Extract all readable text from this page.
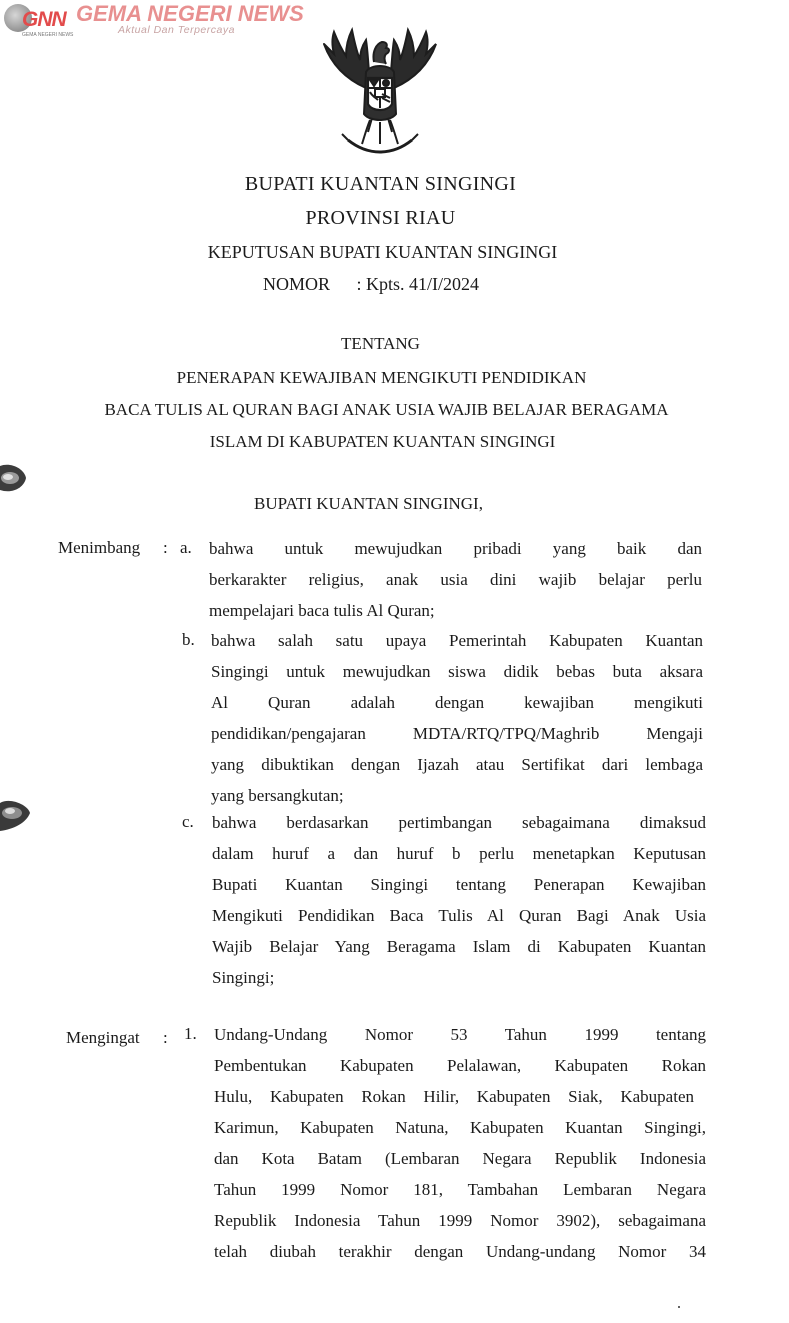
GNN
GEMA NEGERI NEWS
GEMA NEGERI NEWS
Aktual Dan Terpercaya
BUPATI KUANTAN SINGINGI
PROVINSI RIAU
KEPUTUSAN BUPATI KUANTAN SINGINGI
NOMOR : Kpts. 41/I/2024
TENTANG
PENERAPAN KEWAJIBAN MENGIKUTI PENDIDIKAN
BACA TULIS AL QURAN BAGI ANAK USIA WAJIB BELAJAR BERAGAMA
ISLAM DI KABUPATEN KUANTAN SINGINGI
BUPATI KUANTAN SINGINGI,
Menimbang : a. bahwa untuk mewujudkan pribadi yang baik dan
berkarakter religius, anak usia dini wajib belajar perlu
mempelajari baca tulis Al Quran;
b. bahwa salah satu upaya Pemerintah Kabupaten Kuantan
Singingi untuk mewujudkan siswa didik bebas buta aksara
Al Quran adalah dengan kewajiban mengikuti
pendidikan/pengajaran MDTA/RTQ/TPQ/Maghrib Mengaji
yang dibuktikan dengan Ijazah atau Sertifikat dari lembaga
yang bersangkutan;
c. bahwa berdasarkan pertimbangan sebagaimana dimaksud
dalam huruf a dan huruf b perlu menetapkan Keputusan
Bupati Kuantan Singingi tentang Penerapan Kewajiban
Mengikuti Pendidikan Baca Tulis Al Quran Bagi Anak Usia
Wajib Belajar Yang Beragama Islam di Kabupaten Kuantan
Singingi;
Mengingat : 1. Undang-Undang Nomor 53 Tahun 1999 tentang
Pembentukan Kabupaten Pelalawan, Kabupaten Rokan
Hulu, Kabupaten Rokan Hilir, Kabupaten Siak, Kabupaten
Karimun, Kabupaten Natuna, Kabupaten Kuantan Singingi,
dan Kota Batam (Lembaran Negara Republik Indonesia
Tahun 1999 Nomor 181, Tambahan Lembaran Negara
Republik Indonesia Tahun 1999 Nomor 3902), sebagaimana
telah diubah terakhir dengan Undang-undang Nomor 34
